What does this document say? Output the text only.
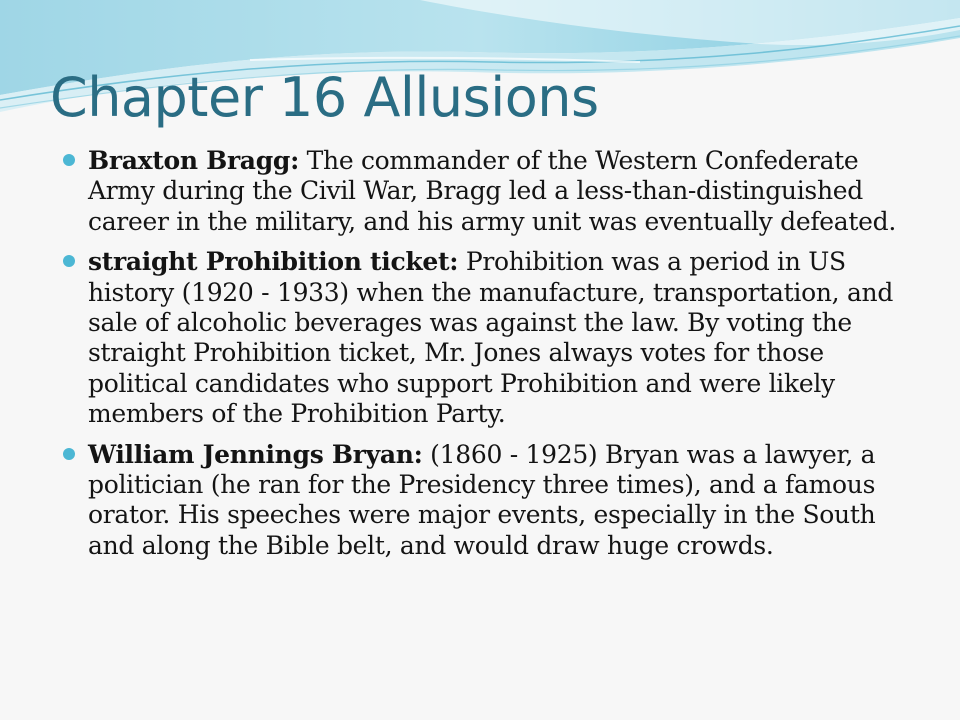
Chapter 16 Allusions
Braxton Bragg: The commander of the Western Confederate Army during the Civil War, Bragg led a less-than-distinguished career in the military, and his army unit was eventually defeated.
straight Prohibition ticket: Prohibition was a period in US history (1920 - 1933) when the manufacture, transportation, and sale of alcoholic beverages was against the law. By voting the straight Prohibition ticket, Mr. Jones always votes for those political candidates who support Prohibition and were likely members of the Prohibition Party.
William Jennings Bryan: (1860 - 1925) Bryan was a lawyer, a politician (he ran for the Presidency three times), and a famous orator. His speeches were major events, especially in the South and along the Bible belt, and would draw huge crowds.
